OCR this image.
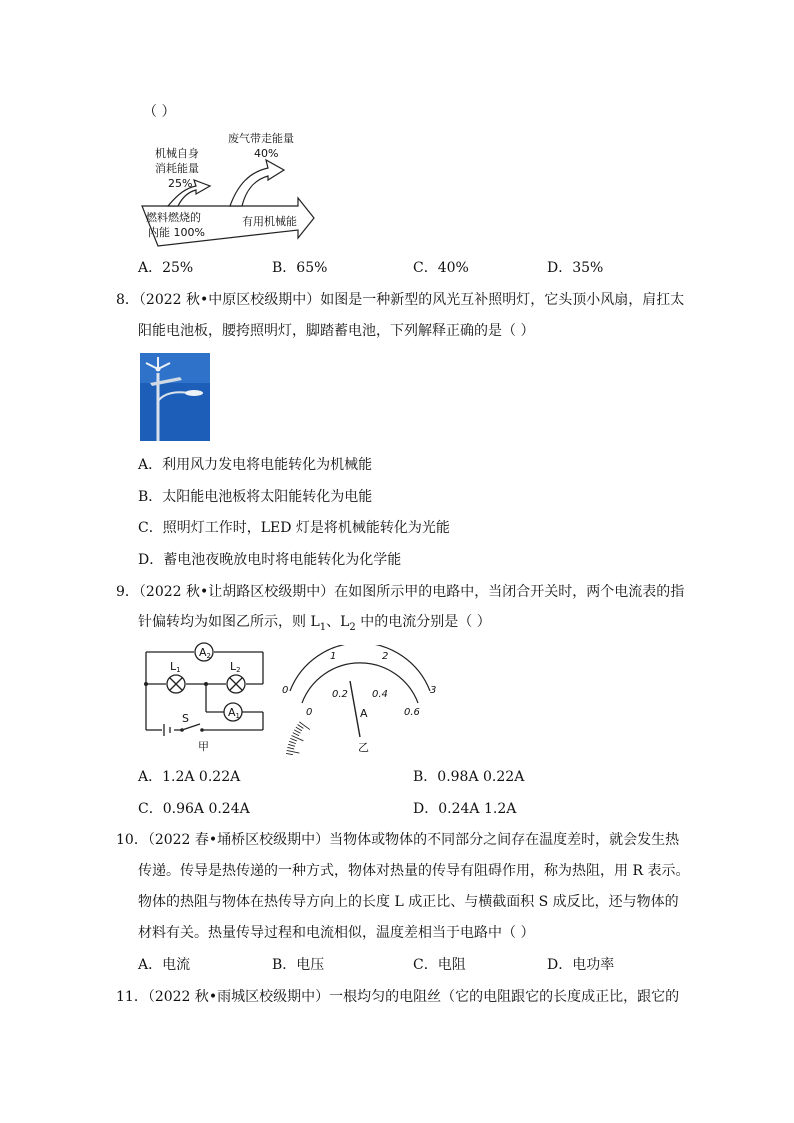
（ ）
机械自身
消耗能量
25%
废气带走能量
40%
燃料燃烧的
内能 100%
有用机械能
A．25%	B．65%	C．40%	D．35%
8．（2022 秋•中原区校级期中）如图是一种新型的风光互补照明灯，它头顶小风扇，肩扛太
阳能电池板，腰挎照明灯，脚踏蓄电池，下列解释正确的是（ ）
A．利用风力发电将电能转化为机械能
B．太阳能电池板将太阳能转化为电能
C．照明灯工作时，LED 灯是将机械能转化为光能
D．蓄电池夜晚放电时将电能转化为化学能
9．（2022 秋•让胡路区校级期中）在如图所示甲的电路中，当闭合开关时，两个电流表的指
针偏转均为如图乙所示，则 $L_1$、$L_2$ 中的电流分别是（ ）
A2
A1
L1	L2
S
甲
0
1	2
3
0
0.2 0.4
0.6
A
乙
A．1.2A 0.22A	B．0.98A 0.22A
C．0.96A 0.24A	D．0.24A 1.2A
10．（2022 春•埇桥区校级期中）当物体或物体的不同部分之间存在温度差时，就会发生热
传递。传导是热传递的一种方式，物体对热量的传导有阻碍作用，称为热阻，用 R 表示。
物体的热阻与物体在热传导方向上的长度 L 成正比、与横截面积 S 成反比，还与物体的
材料有关。热量传导过程和电流相似，温度差相当于电路中（ ）
A．电流	B．电压	C．电阻	D．电功率
11．（2022 秋•雨城区校级期中）一根均匀的电阻丝（它的电阻跟它的长度成正比，跟它的
